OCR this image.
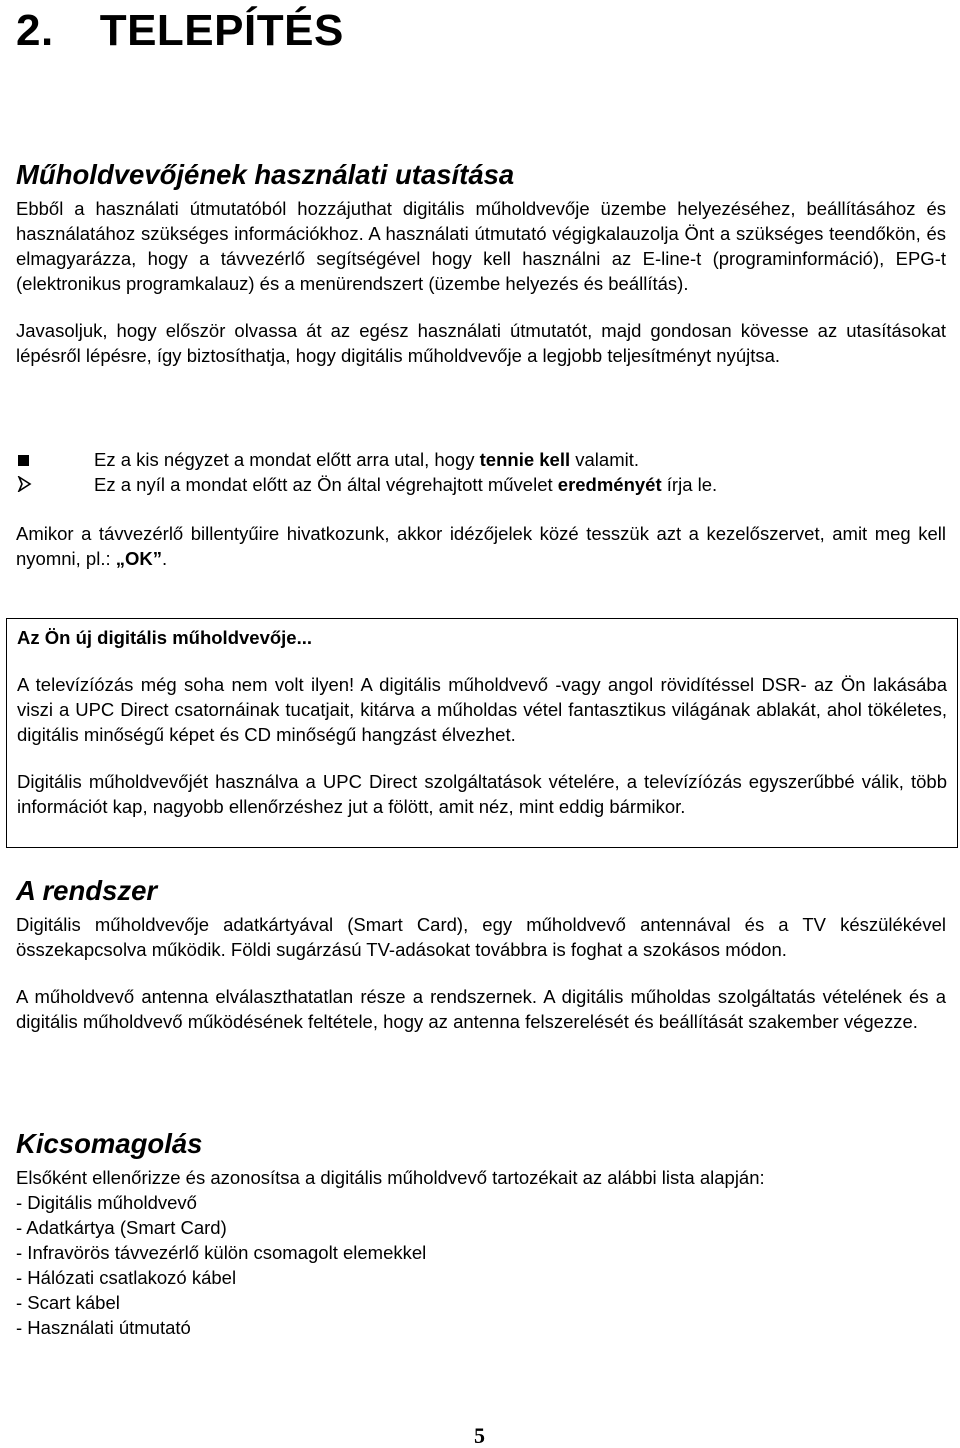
2. TELEPÍTÉS
Műholdvevőjének használati utasítása

Ebből a használati útmutatóból hozzájuthat digitális műholdvevője üzembe helyezéséhez, beállításához és használatához szükséges információkhoz. A használati útmutató végigkalauzolja Önt a szükséges teendőkön, és elmagyarázza, hogy a távvezérlő segítségével hogy kell használni az E-line-t (programinformáció), EPG-t (elektronikus programkalauz) és a menürendszert (üzembe helyezés és beállítás).

Javasoljuk, hogy először olvassa át az egész használati útmutatót, majd gondosan kövesse az utasításokat lépésről lépésre, így biztosíthatja, hogy digitális műholdvevője a legjobb teljesítményt nyújtsa.

Ez a kis négyzet a mondat előtt arra utal, hogy tennie kell valamit.
Ez a nyíl a mondat előtt az Ön által végrehajtott művelet eredményét írja le.

Amikor a távvezérlő billentyűire hivatkozunk, akkor idézőjelek közé tesszük azt a kezelőszervet, amit meg kell nyomni, pl.: „OK”.

Az Ön új digitális műholdvevője...

A televízíózás még soha nem volt ilyen! A digitális műholdvevő -vagy angol rövidítéssel DSR- az Ön lakásába viszi a UPC Direct csatornáinak tucatjait, kitárva a műholdas vétel fantasztikus világának ablakát, ahol tökéletes, digitális minőségű képet és CD minőségű hangzást élvezhet.

Digitális műholdvevőjét használva a UPC Direct szolgáltatások vételére, a televízíózás egyszerűbbé válik, több információt kap, nagyobb ellenőrzéshez jut a fölött, amit néz, mint eddig bármikor.

A rendszer

Digitális műholdvevője adatkártyával (Smart Card), egy műholdvevő antennával és a TV készülékével összekapcsolva működik. Földi sugárzású TV-adásokat továbbra is foghat a szokásos módon.

A műholdvevő antenna elválaszthatatlan része a rendszernek. A digitális műholdas szolgáltatás vételének és a digitális műholdvevő működésének feltétele, hogy az antenna felszerelését és beállítását szakember végezze.

Kicsomagolás

Elsőként ellenőrizze és azonosítsa a digitális műholdvevő tartozékait az alábbi lista alapján:

- Digitális műholdvevő
- Adatkártya (Smart Card)
- Infravörös távvezérlő külön csomagolt elemekkel
- Hálózati csatlakozó kábel
- Scart kábel
- Használati útmutató
5
